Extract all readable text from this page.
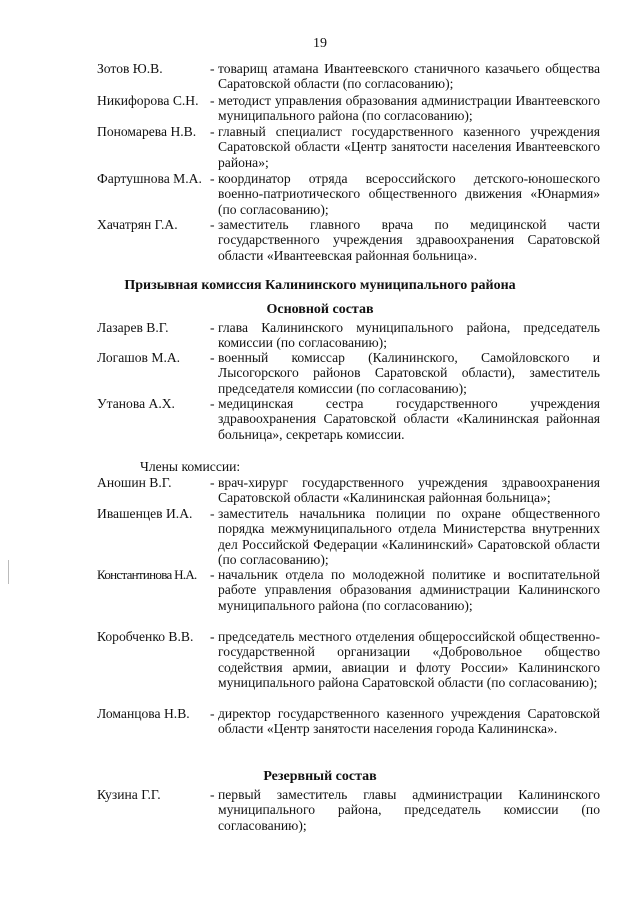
19
Зотов Ю.В.	- товарищ атамана Ивантеевского станичного казачьего общества Саратовской области (по согласованию);
Никифорова С.Н. - методист управления образования администрации Ивантеевского муниципального района (по согласованию);
Пономарева Н.В. - главный специалист государственного казенного учреждения Саратовской области «Центр занятости населения Ивантеевского района»;
Фартушнова М.А. - координатор отряда всероссийского детского-юношеского военно-патриотического общественного движения «Юнармия» (по согласованию);
Хачатрян Г.А. - заместитель главного врача по медицинской части государственного учреждения здравоохранения Саратовской области «Ивантеевская районная больница».
Призывная комиссия Калининского муниципального района
Основной состав
Лазарев В.Г.	- глава Калининского муниципального района, председатель комиссии (по согласованию);
Логашов М.А. - военный комиссар (Калининского, Самойловского и Лысогорского районов Саратовской области), заместитель председателя комиссии (по согласованию);
Утанова А.Х.	- медицинская сестра государственного учреждения здравоохранения Саратовской области «Калининская районная больница», секретарь комиссии.
Члены комиссии:
Аношин В.Г.	- врач-хирург государственного учреждения здравоохранения Саратовской области «Калининская районная больница»;
Ивашенцев И.А. - заместитель начальника полиции по охране общественного порядка межмуниципального отдела Министерства внутренних дел Российской Федерации «Калининский» Саратовской области (по согласованию);
Константинова Н.А. - начальник отдела по молодежной политике и воспитательной работе управления образования администрации Калининского муниципального района (по согласованию);
Коробченко В.В. - председатель местного отделения общероссийской общественно-государственной организации «Добровольное общество содействия армии, авиации и флоту России» Калининского муниципального района Саратовской области (по согласованию);
Ломанцова Н.В. - директор государственного казенного учреждения Саратовской области «Центр занятости населения города Калининска».
Резервный состав
Кузина Г.Г.	- первый заместитель главы администрации Калининского муниципального района, председатель комиссии (по согласованию);
